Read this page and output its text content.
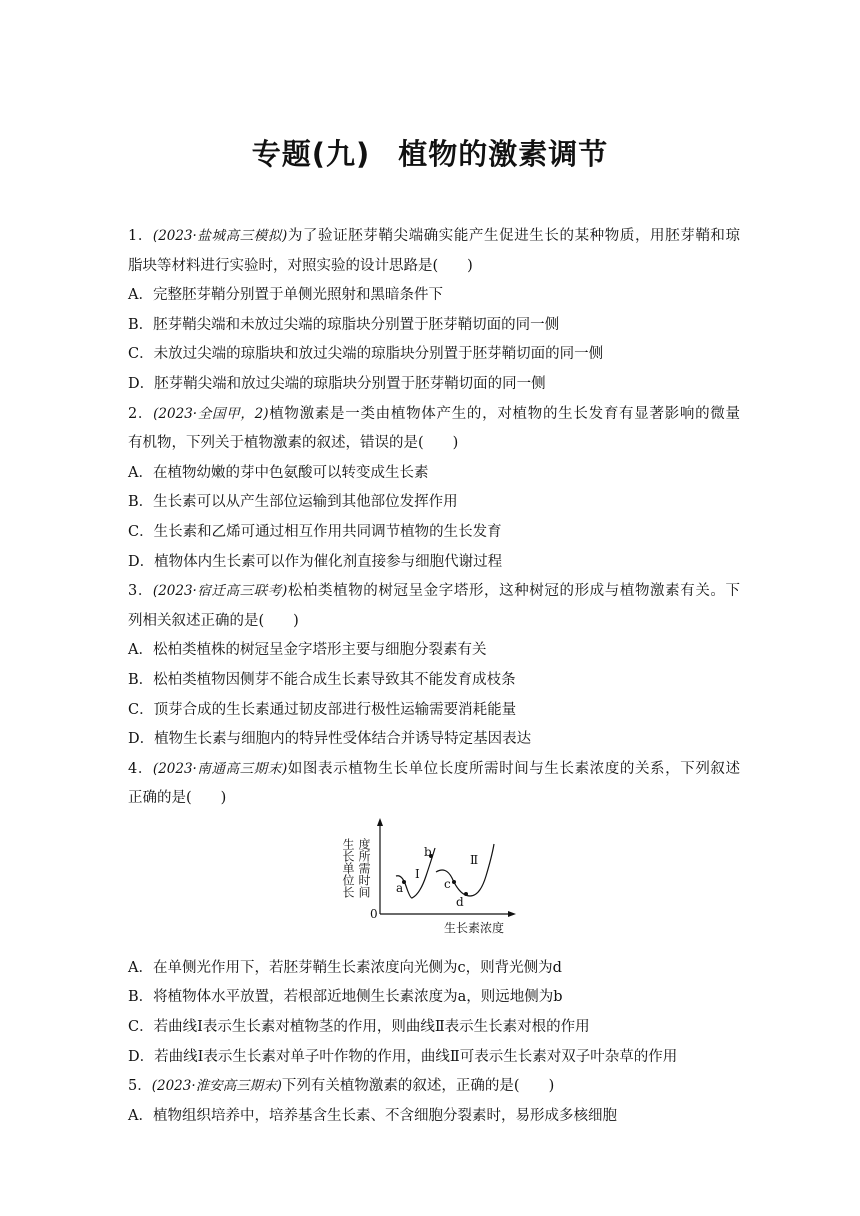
专题(九) 植物的激素调节
1．(2023·盐城高三模拟)为了验证胚芽鞘尖端确实能产生促进生长的某种物质，用胚芽鞘和琼
脂块等材料进行实验时，对照实验的设计思路是(　　)
A．完整胚芽鞘分别置于单侧光照射和黑暗条件下
B．胚芽鞘尖端和未放过尖端的琼脂块分别置于胚芽鞘切面的同一侧
C．未放过尖端的琼脂块和放过尖端的琼脂块分别置于胚芽鞘切面的同一侧
D．胚芽鞘尖端和放过尖端的琼脂块分别置于胚芽鞘切面的同一侧
2．(2023·全国甲，2)植物激素是一类由植物体产生的，对植物的生长发育有显著影响的微量
有机物，下列关于植物激素的叙述，错误的是(　　)
A．在植物幼嫩的芽中色氨酸可以转变成生长素
B．生长素可以从产生部位运输到其他部位发挥作用
C．生长素和乙烯可通过相互作用共同调节植物的生长发育
D．植物体内生长素可以作为催化剂直接参与细胞代谢过程
3．(2023·宿迁高三联考)松柏类植物的树冠呈金字塔形，这种树冠的形成与植物激素有关。下
列相关叙述正确的是(　　)
A．松柏类植株的树冠呈金字塔形主要与细胞分裂素有关
B．松柏类植物因侧芽不能合成生长素导致其不能发育成枝条
C．顶芽合成的生长素通过韧皮部进行极性运输需要消耗能量
D．植物生长素与细胞内的特异性受体结合并诱导特定基因表达
4．(2023·南通高三期末)如图表示植物生长单位长度所需时间与生长素浓度的关系，下列叙述
正确的是(　　)
生长单位长 度所需时间
0
生长素浓度
a
b
Ⅰ
c
d
Ⅱ
A．在单侧光作用下，若胚芽鞘生长素浓度向光侧为c，则背光侧为d
B．将植物体水平放置，若根部近地侧生长素浓度为a，则远地侧为b
C．若曲线Ⅰ表示生长素对植物茎的作用，则曲线Ⅱ表示生长素对根的作用
D．若曲线Ⅰ表示生长素对单子叶作物的作用，曲线Ⅱ可表示生长素对双子叶杂草的作用
5．(2023·淮安高三期末)下列有关植物激素的叙述，正确的是(　　)
A．植物组织培养中，培养基含生长素、不含细胞分裂素时，易形成多核细胞
